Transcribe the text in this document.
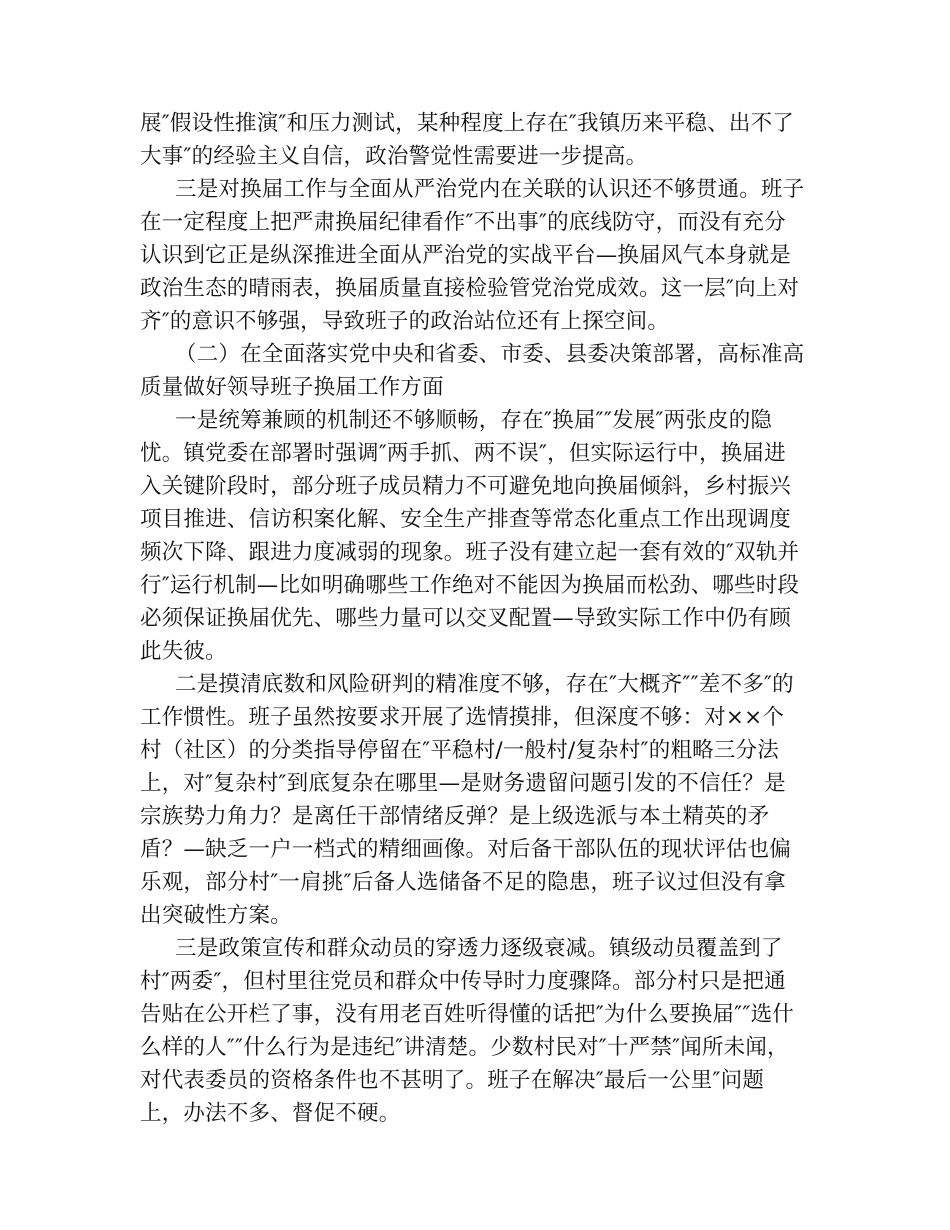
展″假设性推演″和压力测试，某种程度上存在″我镇历来平稳、出不了

大事″的经验主义自信，政治警觉性需要进一步提高。

三是对换届工作与全面从严治党内在关联的认识还不够贯通。班子

在一定程度上把严肃换届纪律看作″不出事″的底线防守，而没有充分

认识到它正是纵深推进全面从严治党的实战平台—换届风气本身就是

政治生态的晴雨表，换届质量直接检验管党治党成效。这一层″向上对

齐″的意识不够强，导致班子的政治站位还有上探空间。

（二）在全面落实党中央和省委、市委、县委决策部署，高标准高

质量做好领导班子换届工作方面

一是统筹兼顾的机制还不够顺畅，存在″换届″″发展″两张皮的隐

忧。镇党委在部署时强调″两手抓、两不误″，但实际运行中，换届进

入关键阶段时，部分班子成员精力不可避免地向换届倾斜，乡村振兴

项目推进、信访积案化解、安全生产排查等常态化重点工作出现调度

频次下降、跟进力度减弱的现象。班子没有建立起一套有效的″双轨并

行″运行机制—比如明确哪些工作绝对不能因为换届而松劲、哪些时段

必须保证换届优先、哪些力量可以交叉配置—导致实际工作中仍有顾

此失彼。

二是摸清底数和风险研判的精准度不够，存在″大概齐″″差不多″的

工作惯性。班子虽然按要求开展了选情摸排，但深度不够：对××个

村（社区）的分类指导停留在″平稳村/一般村/复杂村″的粗略三分法

上，对″复杂村″到底复杂在哪里—是财务遗留问题引发的不信任？是

宗族势力角力？是离任干部情绪反弹？是上级选派与本土精英的矛

盾？—缺乏一户一档式的精细画像。对后备干部队伍的现状评估也偏

乐观，部分村″一肩挑″后备人选储备不足的隐患，班子议过但没有拿

出突破性方案。

三是政策宣传和群众动员的穿透力逐级衰减。镇级动员覆盖到了

村″两委″，但村里往党员和群众中传导时力度骤降。部分村只是把通

告贴在公开栏了事，没有用老百姓听得懂的话把″为什么要换届″″选什

么样的人″″什么行为是违纪″讲清楚。少数村民对″十严禁″闻所未闻，

对代表委员的资格条件也不甚明了。班子在解决″最后一公里″问题

上，办法不多、督促不硬。
